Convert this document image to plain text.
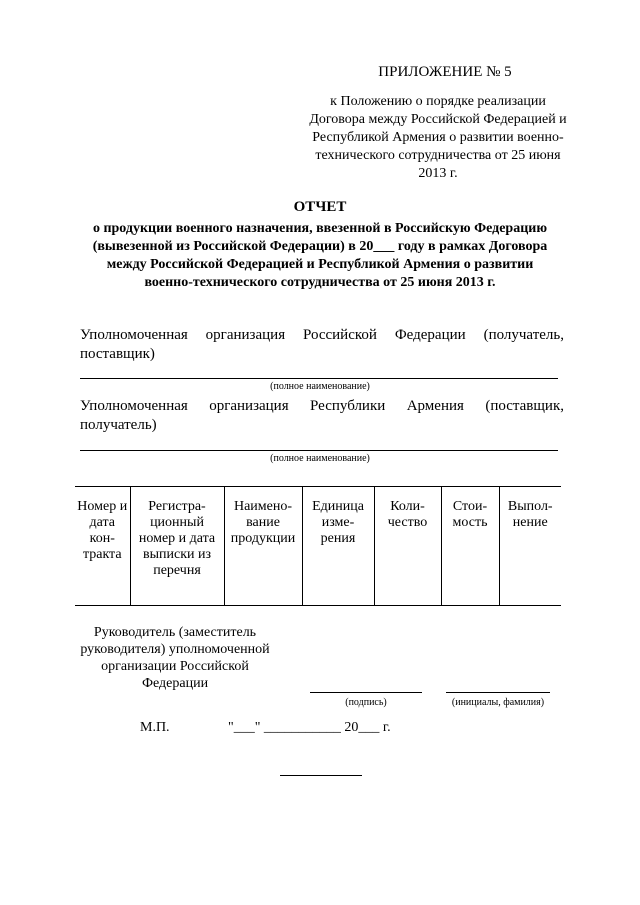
ПРИЛОЖЕНИЕ № 5
к Положению о порядке реализации Договора между Российской Федерацией и Республикой Армения о развитии военно-технического сотрудничества от 25 июня 2013 г.
ОТЧЕТ
о продукции военного назначения, ввезенной в Российскую Федерацию (вывезенной из Российской Федерации) в 20___ году в рамках Договора между Российской Федерацией и Республикой Армения о развитии военно-технического сотрудничества от 25 июня 2013 г.
Уполномоченная организация Российской Федерации (получатель, поставщик)
(полное наименование)
Уполномоченная организация Республики Армения (поставщик, получатель)
(полное наименование)
Номер и дата кон- тракта	Регистра- ционный номер и дата выписки из перечня	Наимено- вание продукции	Единица изме- рения	Коли- чество	Стои- мость	Выпол- нение
Руководитель (заместитель руководителя) уполномоченной организации Российской Федерации
(подпись)	(инициалы, фамилия)
М.П.	"___" ___________ 20___ г.
